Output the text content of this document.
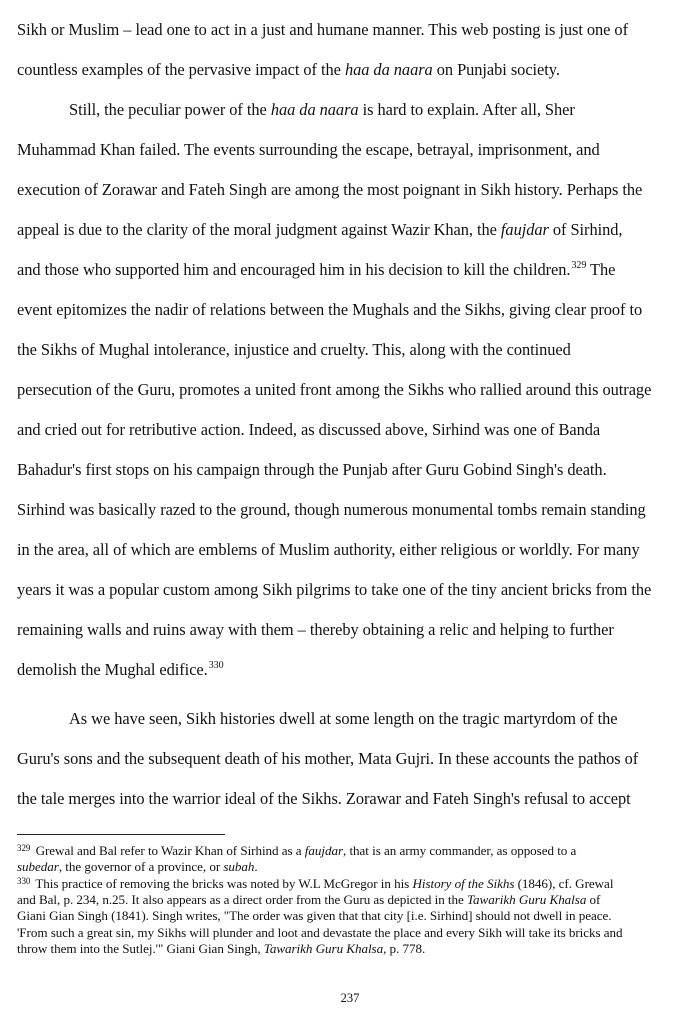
Sikh or Muslim – lead one to act in a just and humane manner. This web posting is just one of
countless examples of the pervasive impact of the haa da naara on Punjabi society.
Still, the peculiar power of the haa da naara is hard to explain. After all, Sher
Muhammad Khan failed. The events surrounding the escape, betrayal, imprisonment, and
execution of Zorawar and Fateh Singh are among the most poignant in Sikh history. Perhaps the
appeal is due to the clarity of the moral judgment against Wazir Khan, the faujdar of Sirhind,
and those who supported him and encouraged him in his decision to kill the children.$^{329}$ The
event epitomizes the nadir of relations between the Mughals and the Sikhs, giving clear proof to
the Sikhs of Mughal intolerance, injustice and cruelty. This, along with the continued
persecution of the Guru, promotes a united front among the Sikhs who rallied around this outrage
and cried out for retributive action. Indeed, as discussed above, Sirhind was one of Banda
Bahadur's first stops on his campaign through the Punjab after Guru Gobind Singh's death.
Sirhind was basically razed to the ground, though numerous monumental tombs remain standing
in the area, all of which are emblems of Muslim authority, either religious or worldly. For many
years it was a popular custom among Sikh pilgrims to take one of the tiny ancient bricks from the
remaining walls and ruins away with them – thereby obtaining a relic and helping to further
demolish the Mughal edifice.$^{330}$
As we have seen, Sikh histories dwell at some length on the tragic martyrdom of the
Guru's sons and the subsequent death of his mother, Mata Gujri. In these accounts the pathos of
the tale merges into the warrior ideal of the Sikhs. Zorawar and Fateh Singh's refusal to accept
$^{329}$ Grewal and Bal refer to Wazir Khan of Sirhind as a faujdar, that is an army commander, as opposed to a
subedar, the governor of a province, or subah.
$^{330}$ This practice of removing the bricks was noted by W.L McGregor in his History of the Sikhs (1846), cf. Grewal
and Bal, p. 234, n.25. It also appears as a direct order from the Guru as depicted in the Tawarikh Guru Khalsa of
Giani Gian Singh (1841). Singh writes, "The order was given that that city [i.e. Sirhind] should not dwell in peace.
'From such a great sin, my Sikhs will plunder and loot and devastate the place and every Sikh will take its bricks and
throw them into the Sutlej.'" Giani Gian Singh, Tawarikh Guru Khalsa, p. 778.
237
